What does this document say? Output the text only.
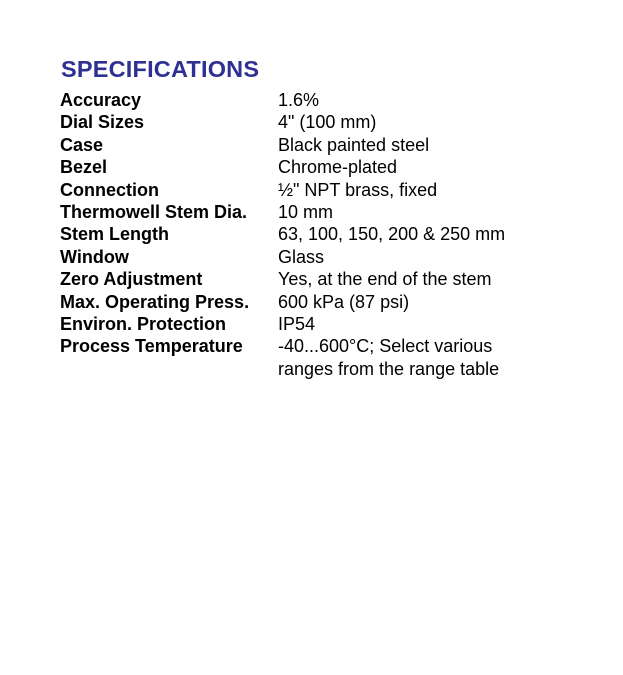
SPECIFICATIONS
Accuracy	1.6%
Dial Sizes	4" (100 mm)
Case	Black painted steel
Bezel	Chrome-plated
Connection	½" NPT brass, fixed
Thermowell Stem Dia.	10 mm
Stem Length	63, 100, 150, 200 & 250 mm
Window	Glass
Zero Adjustment	Yes, at the end of the stem
Max. Operating Press.	600 kPa (87 psi)
Environ. Protection	IP54
Process Temperature	-40...600°C; Select various ranges from the range table
